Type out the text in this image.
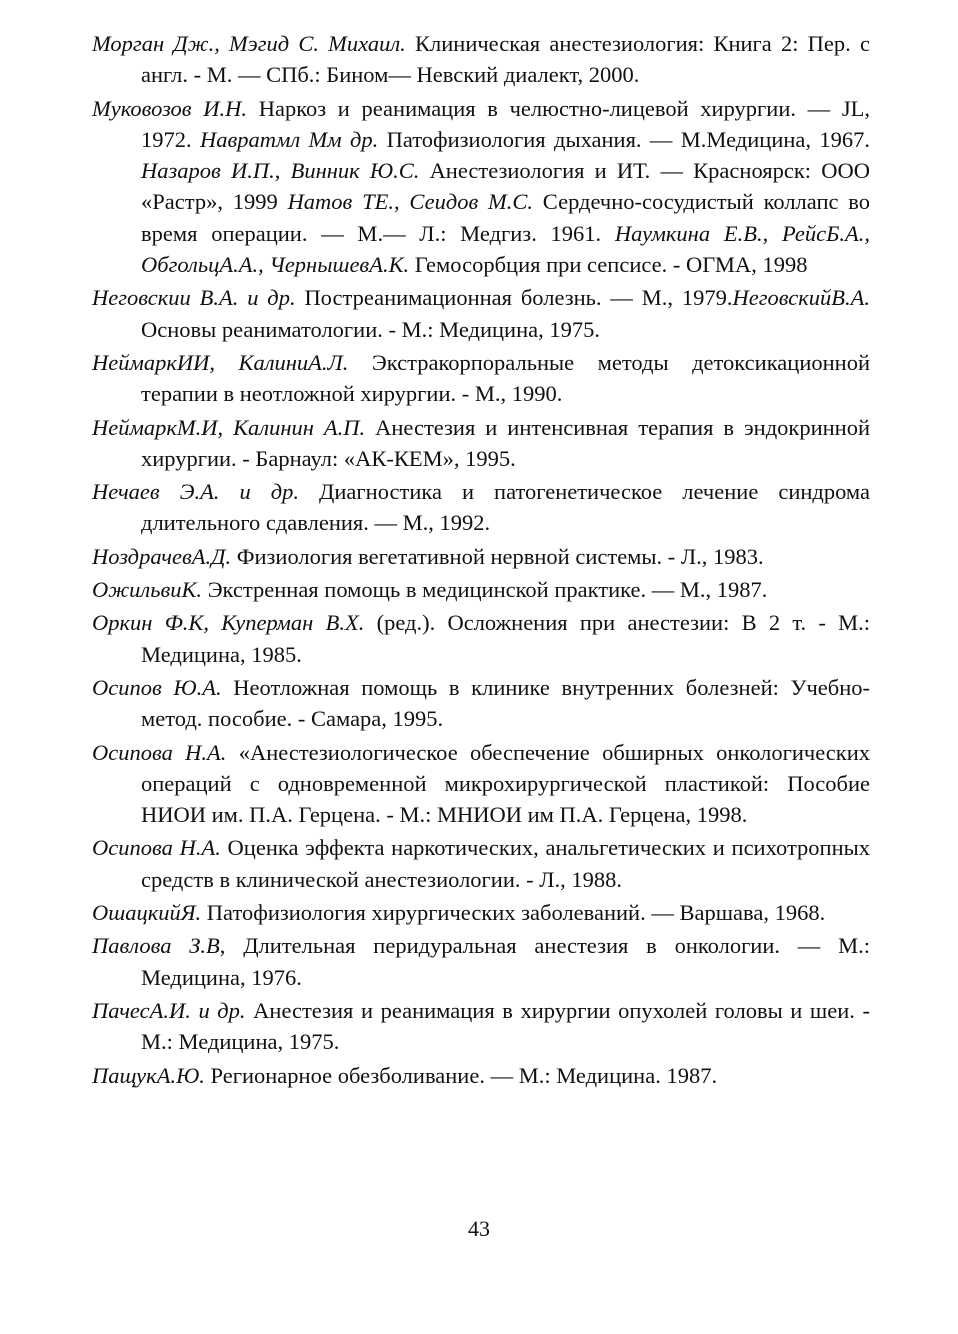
Морган Дж., Мэгид С. Михаил. Клиническая анестезиология: Книга 2: Пер. с англ. - М. — СПб.: Бином— Невский диалект, 2000.
Муковозов И.Н. Наркоз и реанимация в челюстно-лицевой хирургии. — JL, 1972. Навратмл Мм др. Патофизиология дыхания. — М.Медицина, 1967. Назаров И.П., Винник Ю.С. Анестезиология и ИТ. — Красноярск: ООО «Растр», 1999 Натов ТЕ., Сеидов М.С. Сердечно-сосудистый коллапс во время операции. — М.— Л.: Медгиз. 1961. Наумкина Е.В., РейсБ.А., ОбгольцА.А., ЧернышевА.К. Гемосорбция при сепсисе. - ОГМА, 1998
Неговскии В.А. и др. Постреанимационная болезнь. — М., 1979.НеговскийВ.А. Основы реаниматологии. - М.: Медицина, 1975.
НеймаркИИ, КалиниА.Л. Экстракорпоральные методы детоксикациoнной терапии в неотложной хирургии. - М., 1990.
НеймаркМ.И, Калинин А.П. Анестезия и интенсивная терапия в эндокринной хирургии. - Барнаул: «АК-КЕМ», 1995.
Нечаев Э.А. и др. Диагностика и патогенетическое лечение синдрома длительного сдавления. — М., 1992.
НоздрачевА.Д. Физиология вегетативной нервной системы. - Л., 1983.
ОжильвиК. Экстренная помощь в медицинской практике. — М., 1987.
Оркин Ф.К, Куперман В.Х. (ред.). Осложнения при анестезии: В 2 т. - М.: Медицина, 1985.
Осипов Ю.А. Неотложная помощь в клинике внутренних болезней: Учебно-метод. пособие. - Самара, 1995.
Осипова Н.А. «Анестезиологическое обеспечение обширных онкологических операций с одновременной микрохирургической пластикой: Пособие НИОИ им. П.А. Герцена. - М.: МНИОИ им П.А. Герцена, 1998.
Осипова Н.А. Оценка эффекта наркотических, анальгетических и психотропных средств в клинической анестезиологии. - Л., 1988.
ОшацкийЯ. Патофизиология хирургических заболеваний. — Варшава, 1968.
Павлова З.В, Длительная перидуральная анестезия в онкологии. — М.: Медицина, 1976.
ПачесА.И. и др. Анестезия и реанимация в хирургии опухолей головы и шеи. - М.: Медицина, 1975.
ПащукА.Ю. Регионарное обезболивание. — М.: Медицина. 1987.
43
